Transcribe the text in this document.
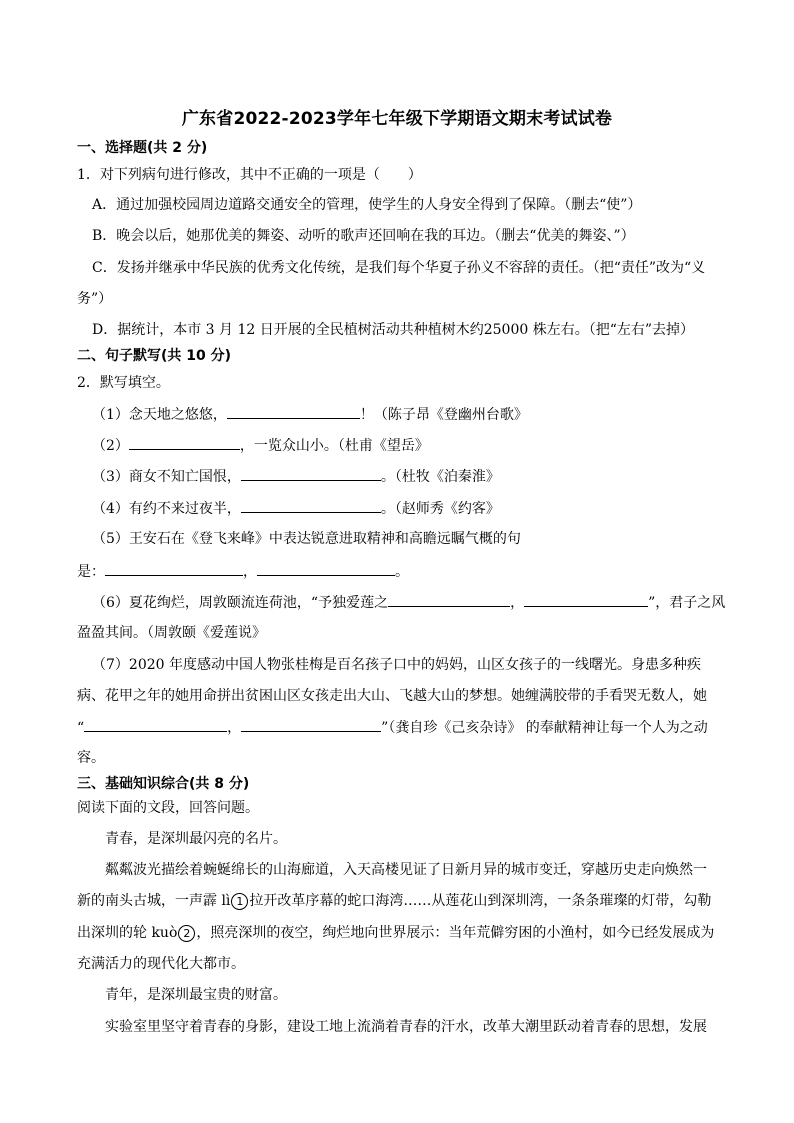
广东省2022-2023学年七年级下学期语文期末考试试卷
一、选择题(共 2 分)
1．对下列病句进行修改，其中不正确的一项是（　　）
A．通过加强校园周边道路交通安全的管理，使学生的人身安全得到了保障。（删去“使”）
B．晚会以后，她那优美的舞姿、动听的歌声还回响在我的耳边。（删去“优美的舞姿、”）
C．发扬并继承中华民族的优秀文化传统，是我们每个华夏子孙义不容辞的责任。（把“责任”改为“义
务”）
D．据统计，本市 3 月 12 日开展的全民植树活动共种植树木约25000 株左右。（把“左右”去掉）
二、句子默写(共 10 分)
2．默写填空。
（1）念天地之悠悠，	！（陈子昂《登幽州台歌》
（2）	，一览众山小。（杜甫《望岳》
（3）商女不知亡国恨，	。（杜牧《泊秦淮》
（4）有约不来过夜半，	。（赵师秀《约客》
（5）王安石在《登飞来峰》中表达锐意进取精神和高瞻远瞩气概的句
是：	，	。
（6）夏花绚烂，周敦颐流连荷池，“予独爱莲之	，	”，君子之风
盈盈其间。（周敦颐《爱莲说》
（7）2020 年度感动中国人物张桂梅是百名孩子口中的妈妈，山区女孩子的一线曙光。身患多种疾
病、花甲之年的她用命拼出贫困山区女孩走出大山、飞越大山的梦想。她缠满胶带的手看哭无数人，她
“	，	”（龚自珍《己亥杂诗》 的奉献精神让每一个人为之动
容。
三、基础知识综合(共 8 分)
阅读下面的文段，回答问题。
青春，是深圳最闪亮的名片。
粼粼波光描绘着蜿蜒绵长的山海廊道，入天高楼见证了日新月异的城市变迁，穿越历史走向焕然一
新的南头古城，一声霹 lì 1 拉开改革序幕的蛇口海湾……从莲花山到深圳湾，一条条璀璨的灯带，勾勒
出深圳的轮 kuò 2 ，照亮深圳的夜空，绚烂地向世界展示：当年荒僻穷困的小渔村，如今已经发展成为
充满活力的现代化大都市。
青年，是深圳最宝贵的财富。
实验室里坚守着青春的身影，建设工地上流淌着青春的汗水，改革大潮里跃动着青春的思想，发展
